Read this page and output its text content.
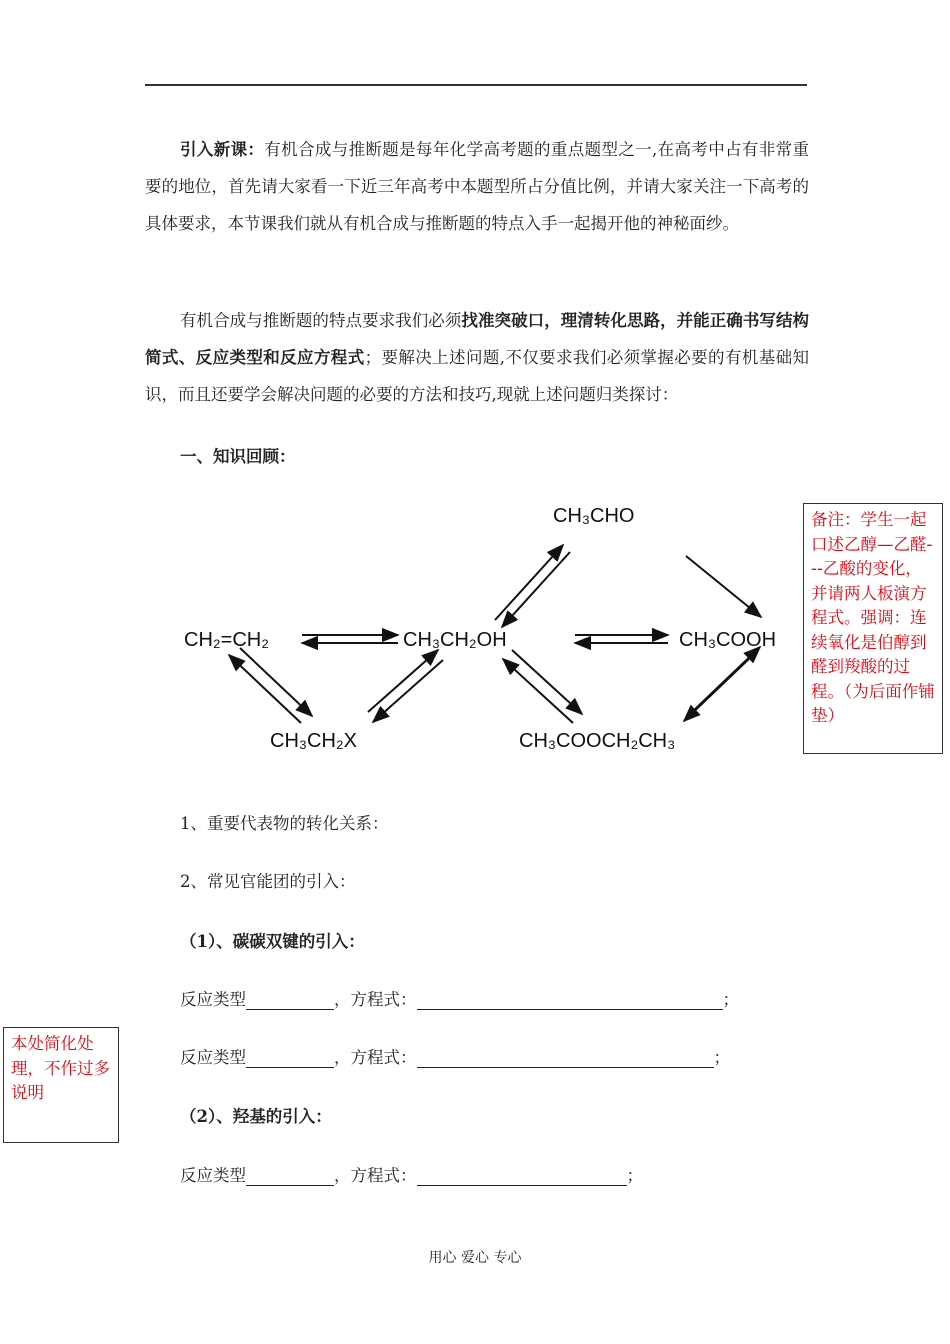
引入新课：有机合成与推断题是每年化学高考题的重点题型之一,在高考中占有非常重要的地位，首先请大家看一下近三年高考中本题型所占分值比例，并请大家关注一下高考的具体要求，本节课我们就从有机合成与推断题的特点入手一起揭开他的神秘面纱。
有机合成与推断题的特点要求我们必须找准突破口，理清转化思路，并能正确书写结构简式、反应类型和反应方程式；要解决上述问题,不仅要求我们必须掌握必要的有机基础知识，而且还要学会解决问题的必要的方法和技巧,现就上述问题归类探讨：
一、知识回顾：
CH₃CHO
CH₂=CH₂	CH₃CH₂OH	CH₃COOH
CH₃CH₂X	CH₃COOCH₂CH₃
备注：学生一起口述乙醇—乙醛---乙酸的变化，并请两人板演方程式。强调：连续氧化是伯醇到醛到羧酸的过程。（为后面作铺垫）
1、重要代表物的转化关系：
2、常见官能团的引入：
（1）、碳碳双键的引入：
反应类型	，方程式：	；
反应类型	，方程式：	；
本处简化处理，不作过多说明
（2）、羟基的引入：
反应类型	，方程式：	；
用心 爱心 专心
